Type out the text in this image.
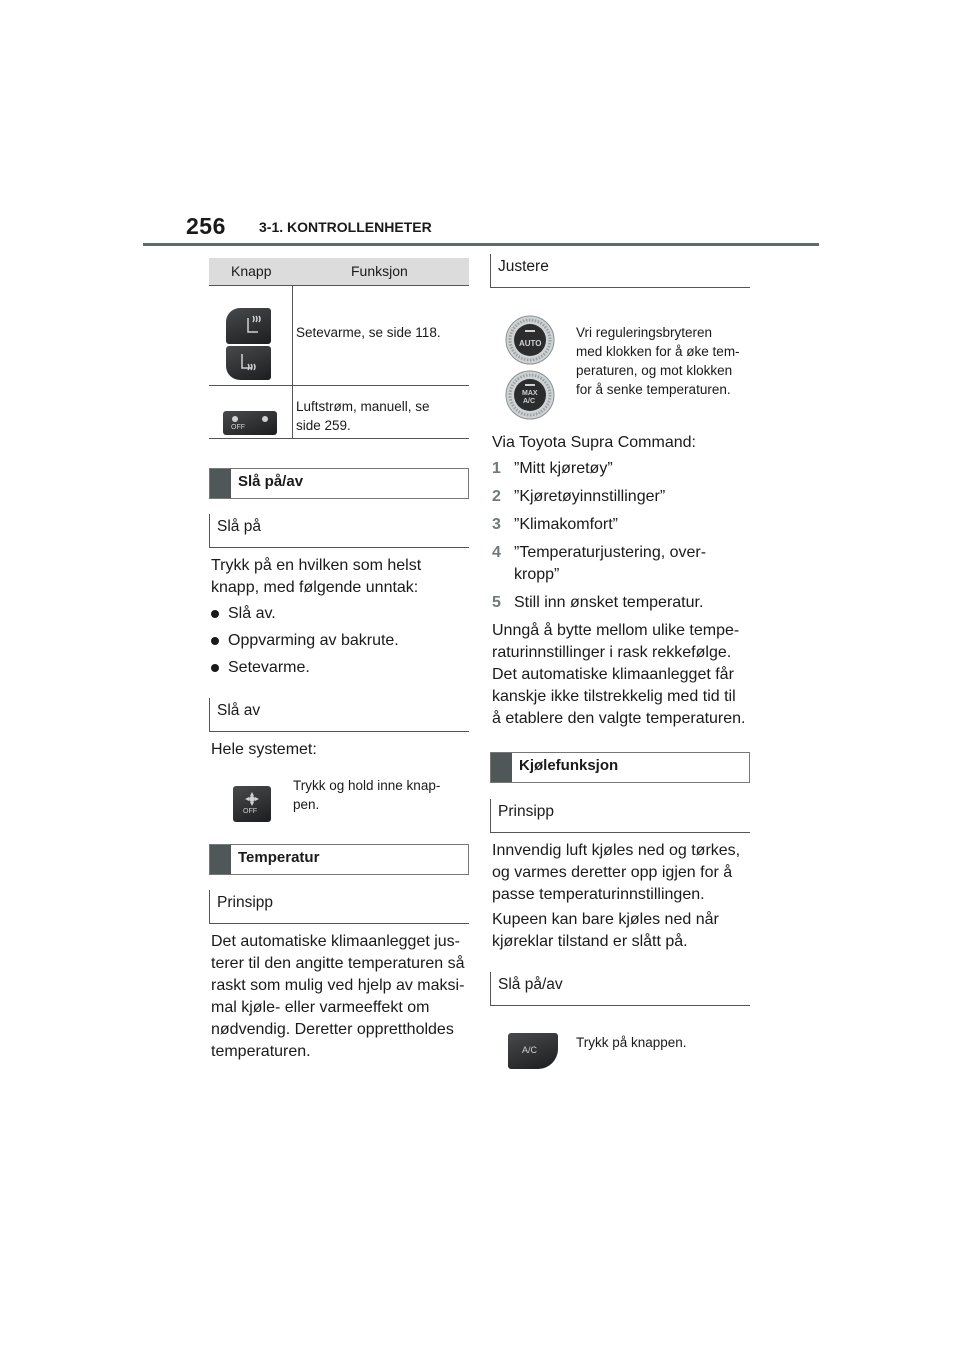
256 3-1. KONTROLLENHETER
Knapp	Funksjon
Setevarme, se side 118.
OFF
Luftstrøm, manuell, se
side 259.
Slå på/av
Slå på
Trykk på en hvilken som helst
knapp, med følgende unntak:
Slå av.
Oppvarming av bakrute.
Setevarme.
Slå av
Hele systemet:
OFF
Trykk og hold inne knap-
pen.
Temperatur
Prinsipp
Det automatiske klimaanlegget jus-
terer til den angitte temperaturen så
raskt som mulig ved hjelp av maksi-
mal kjøle- eller varmeeffekt om
nødvendig. Deretter opprettholdes
temperaturen.
Justere
AUTO
MAX
A/C
Vri reguleringsbryteren
med klokken for å øke tem-
peraturen, og mot klokken
for å senke temperaturen.
Via Toyota Supra Command:
1 ”Mitt kjøretøy”
2 ”Kjøretøyinnstillinger”
3 ”Klimakomfort”
4 ”Temperaturjustering, over-
kropp”
5 Still inn ønsket temperatur.
Unngå å bytte mellom ulike tempe-
raturinnstillinger i rask rekkefølge.
Det automatiske klimaanlegget får
kanskje ikke tilstrekkelig med tid til
å etablere den valgte temperaturen.
Kjølefunksjon
Prinsipp
Innvendig luft kjøles ned og tørkes,
og varmes deretter opp igjen for å
passe temperaturinnstillingen.
Kupeen kan bare kjøles ned når
kjøreklar tilstand er slått på.
Slå på/av
A/C	Trykk på knappen.
